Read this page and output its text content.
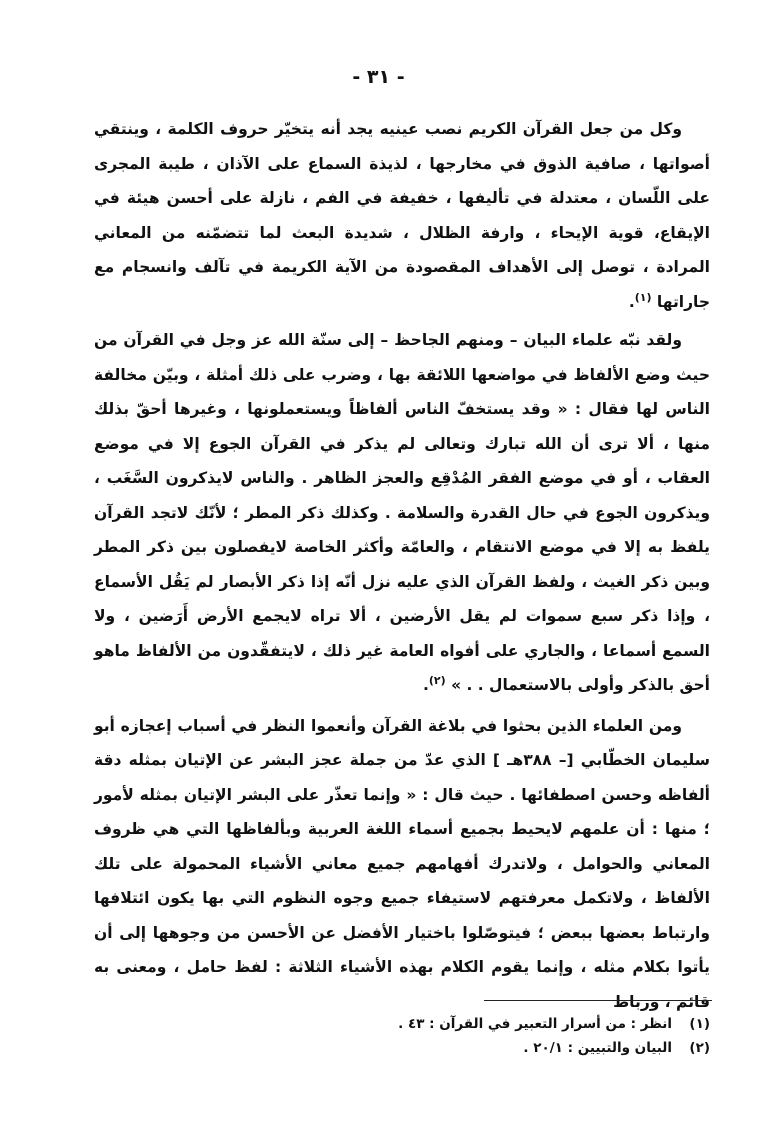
- ٣١ -

وكل من جعل القرآن الكريم نصب عينيه يجد أنه يتخيّر حروف الكلمة ، وينتقي أصواتها ، صافية الذوق في مخارجها ، لذيذة السماع على الآذان ، طيبة المجرى على اللّسان ، معتدلة في تأليفها ، خفيفة في الفم ، نازلة على أحسن هيئة في الإيقاع، قوية الإيحاء ، وارفة الظلال ، شديدة البعث لما تتضمّنه من المعاني المرادة ، توصل إلى الأهداف المقصودة من الآية الكريمة في تآلف وانسجام مع جاراتها $^{(١)}$.

ولقد نبّه علماء البيان – ومنهم الجاحظ – إلى سنّة الله عز وجل في القرآن من حيث وضع الألفاظ في مواضعها اللائقة بها ، وضرب على ذلك أمثلة ، وبيّن مخالفة الناس لها فقال : « وقد يستخفّ الناس ألفاظاً ويستعملونها ، وغيرها أحقّ بذلك منها ، ألا ترى أن الله تبارك وتعالى لم يذكر في القرآن الجوع إلا في موضع العقاب ، أو في موضع الفقر المُدْقِع والعجز الظاهر . والناس لايذكرون السَّغَب ، ويذكرون الجوع في حال القدرة والسلامة . وكذلك ذكر المطر ؛ لأنّك لاتجد القرآن يلفظ به إلا في موضع الانتقام ، والعامّة وأكثر الخاصة لايفصلون بين ذكر المطر وبين ذكر الغيث ، ولفظ القرآن الذي عليه نزل أنّه إذا ذكر الأبصار لم يَقُل الأسماع ، وإذا ذكر سبع سموات لم يقل الأرضين ، ألا تراه لايجمع الأرض أَرَضين ، ولا السمع أسماعا ، والجاري على أفواه العامة غير ذلك ، لايتفقّدون من الألفاظ ماهو أحق بالذكر وأولى بالاستعمال . . » $^{(٢)}$.

ومن العلماء الذين بحثوا في بلاغة القرآن وأنعموا النظر في أسباب إعجازه أبو سليمان الخطّابي [– ٣٨٨هـ ] الذي عدّ من جملة عجز البشر عن الإتيان بمثله دقة ألفاظه وحسن اصطفائها . حيث قال : « وإنما تعذّر على البشر الإتيان بمثله لأمور ؛ منها : أن علمهم لايحيط بجميع أسماء اللغة العربية وبألفاظها التي هي ظروف المعاني والحوامل ، ولاتدرك أفهامهم جميع معاني الأشياء المحمولة على تلك الألفاظ ، ولاتكمل معرفتهم لاستيفاء جميع وجوه النظوم التي بها يكون ائتلافها وارتباط بعضها ببعض ؛ فيتوصّلوا باختيار الأفضل عن الأحسن من وجوهها إلى أن يأتوا بكلام مثله ، وإنما يقوم الكلام بهذه الأشياء الثلاثة : لفظ حامل ، ومعنى به قائم ، ورباط

(١)
انظر : من أسرار التعبير في القرآن : ٤٣ .
(٢)
البيان والتبيين : ٢٠/١ .
